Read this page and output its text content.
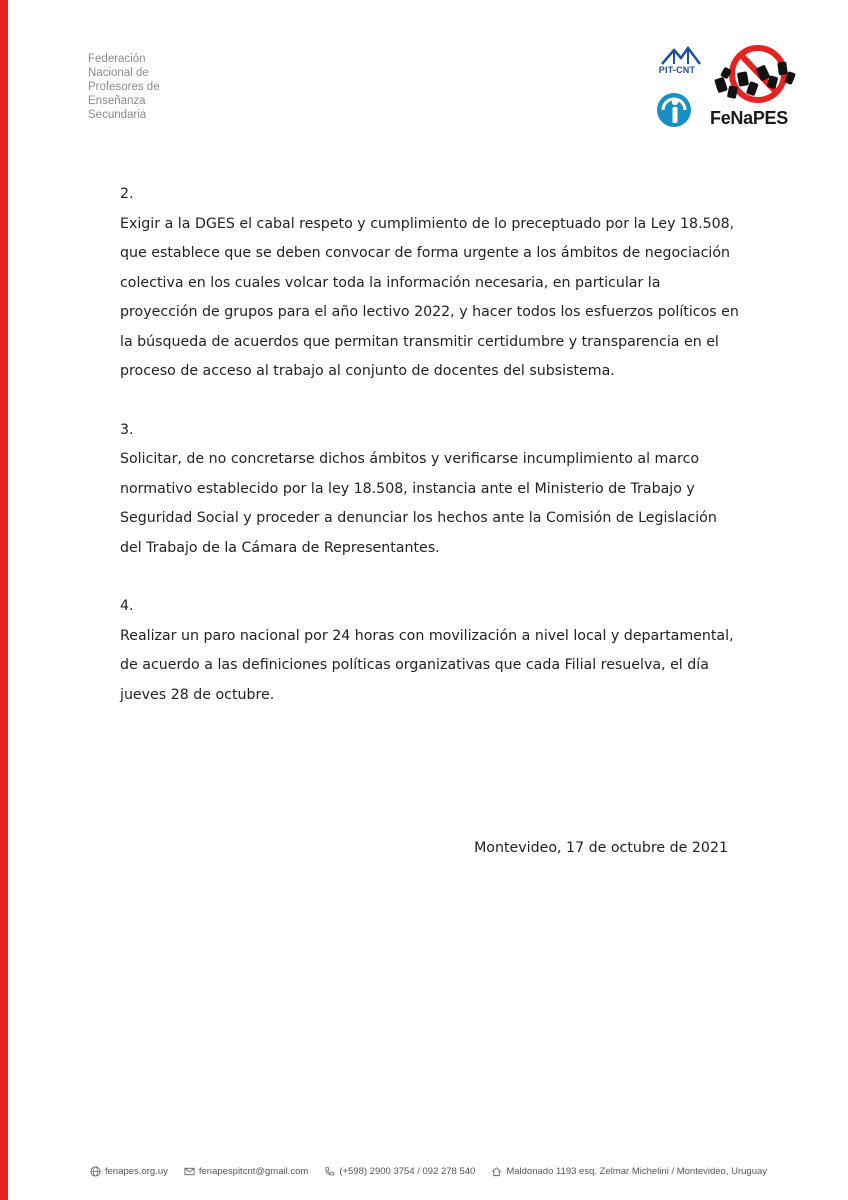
Federación
Nacional de
Profesores de
Enseñanza
Secundaria
PIT-CNT
FeNaPES

2.

Exigir a la DGES el cabal respeto y cumplimiento de lo preceptuado por la Ley 18.508, que establece que se deben convocar de forma urgente a los ámbitos de negociación colectiva en los cuales volcar toda la información necesaria, en particular la proyección de grupos para el año lectivo 2022, y hacer todos los esfuerzos políticos en la búsqueda de acuerdos que permitan transmitir certidumbre y transparencia en el proceso de acceso al trabajo al conjunto de docentes del subsistema.

3.

Solicitar, de no concretarse dichos ámbitos y verificarse incumplimiento al marco normativo establecido por la ley 18.508, instancia ante el Ministerio de Trabajo y Seguridad Social y proceder a denunciar los hechos ante la Comisión de Legislación del Trabajo de la Cámara de Representantes.

4.

Realizar un paro nacional por 24 horas con movilización a nivel local y departamental, de acuerdo a las definiciones políticas organizativas que cada Filial resuelva, el día jueves 28 de octubre.

Montevideo, 17 de octubre de 2021
fenapes.org.uy	fenapespitcnt@gmail.com	(+598) 2900 3754 / 092 278 540	Maldonado 1193 esq. Zelmar Michelini / Montevideo, Uruguay
